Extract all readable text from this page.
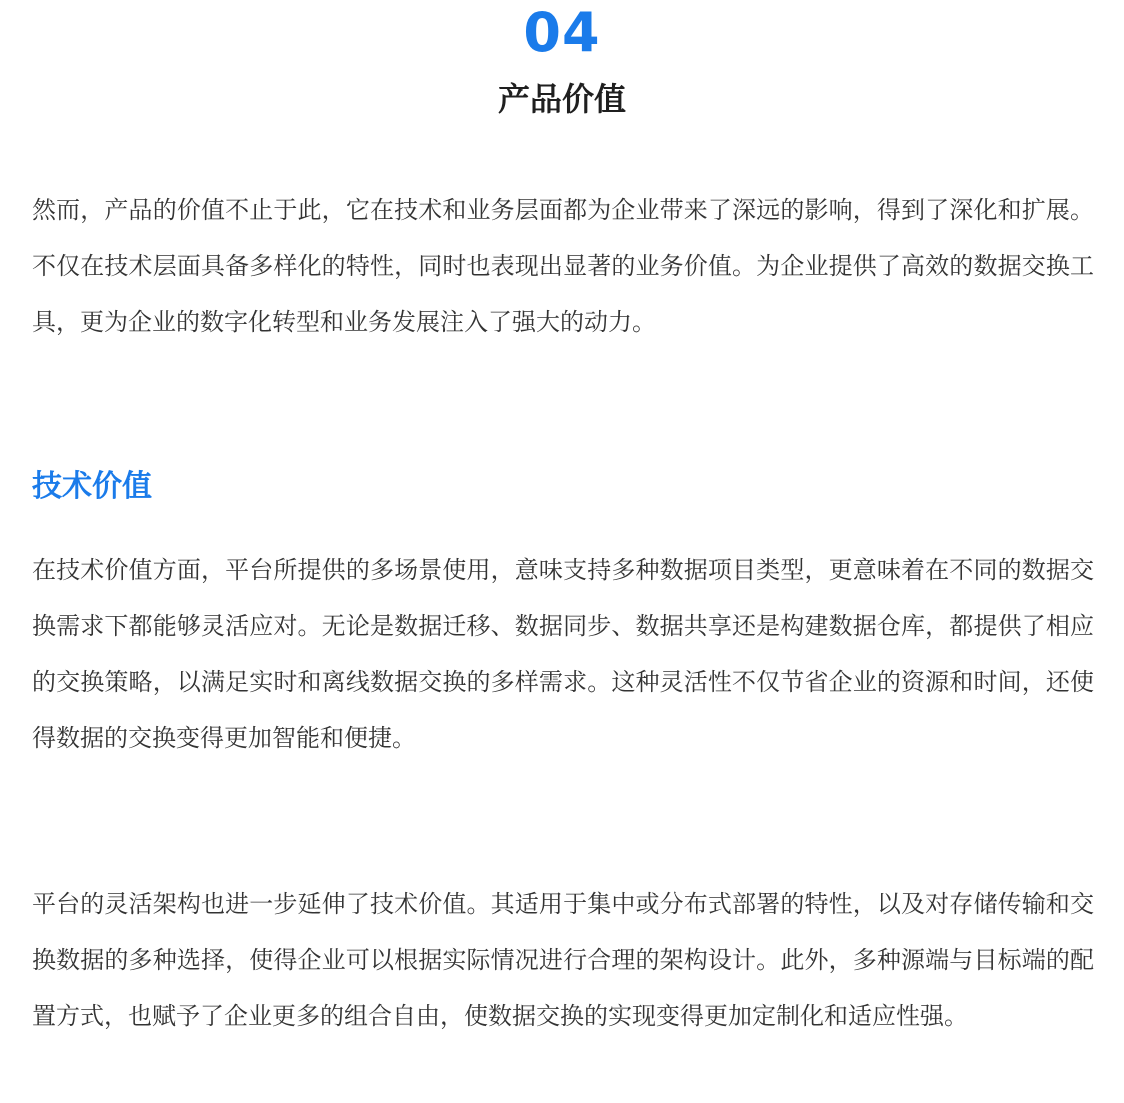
04
产品价值

然而，产品的价值不止于此，它在技术和业务层面都为企业带来了深远的影响，得到了深化和扩展。不仅在技术层面具备多样化的特性，同时也表现出显著的业务价值。为企业提供了高效的数据交换工具，更为企业的数字化转型和业务发展注入了强大的动力。

技术价值

在技术价值方面，平台所提供的多场景使用，意味支持多种数据项目类型，更意味着在不同的数据交换需求下都能够灵活应对。无论是数据迁移、数据同步、数据共享还是构建数据仓库，都提供了相应的交换策略，以满足实时和离线数据交换的多样需求。这种灵活性不仅节省企业的资源和时间，还使得数据的交换变得更加智能和便捷。

平台的灵活架构也进一步延伸了技术价值。其适用于集中或分布式部署的特性，以及对存储传输和交换数据的多种选择，使得企业可以根据实际情况进行合理的架构设计。此外，多种源端与目标端的配置方式，也赋予了企业更多的组合自由，使数据交换的实现变得更加定制化和适应性强。
